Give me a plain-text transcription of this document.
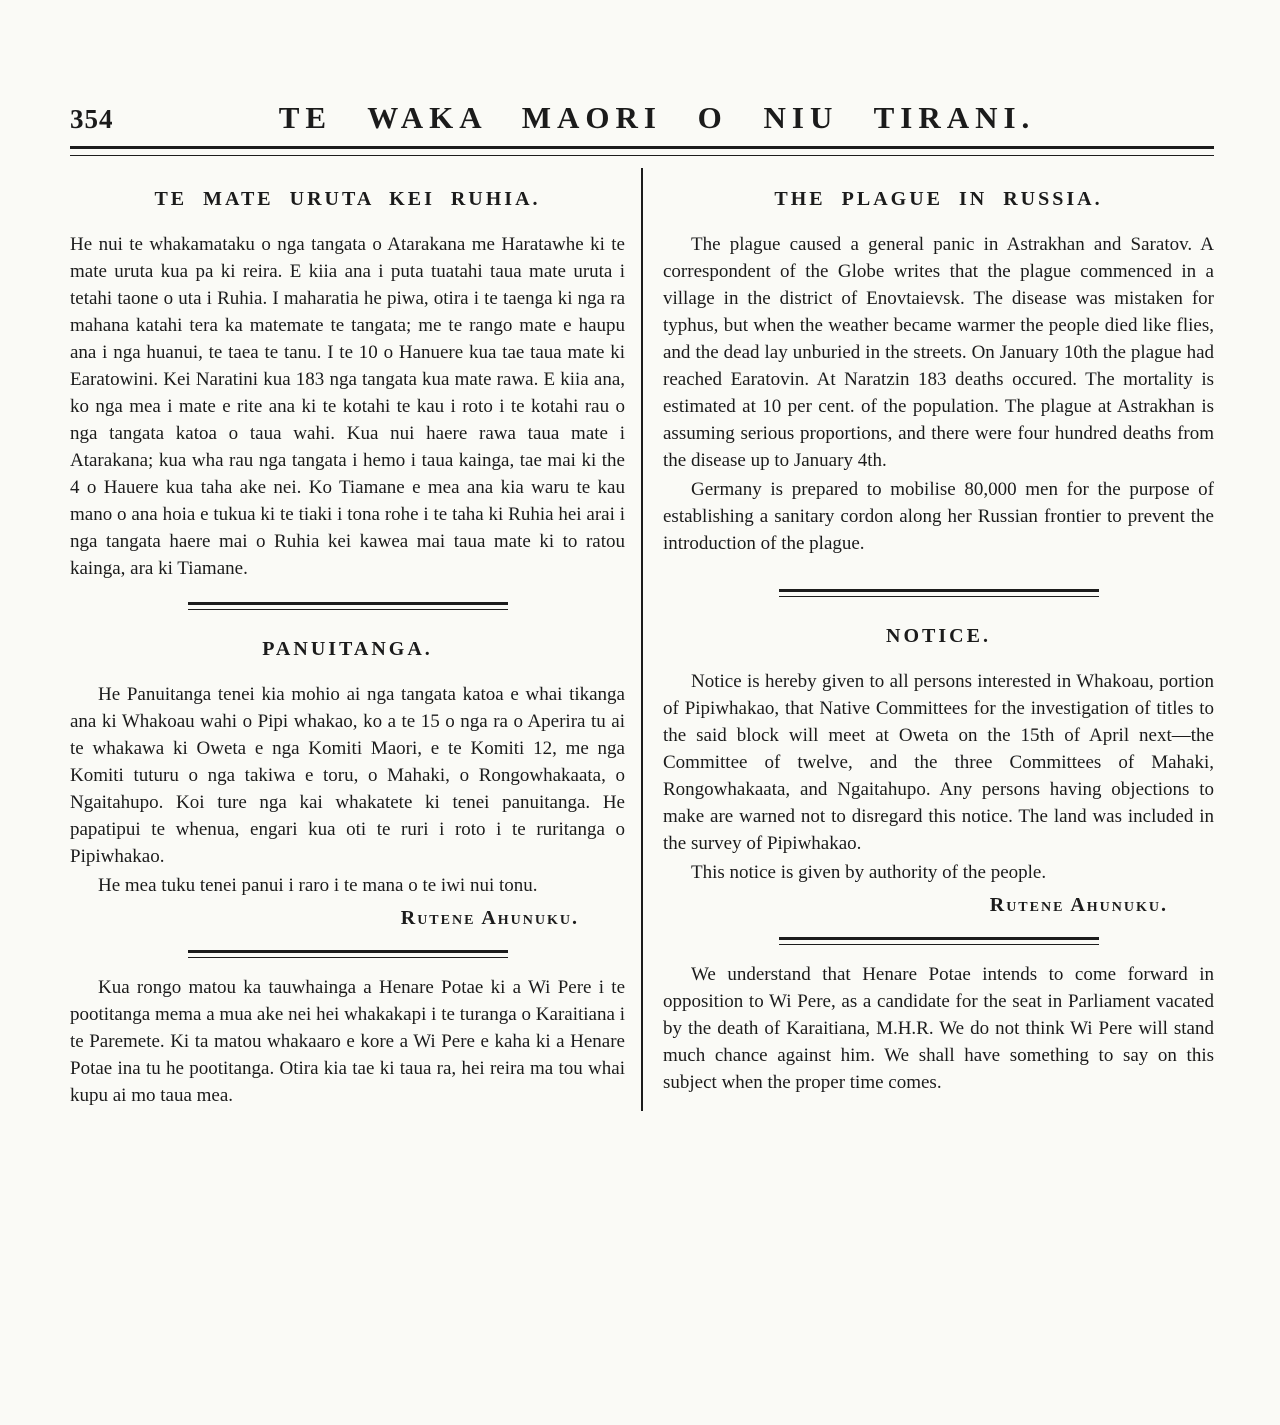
354	TE WAKA MAORI O NIU TIRANI.
TE MATE URUTA KEI RUHIA.

He nui te whakamataku o nga tangata o Atarakana me Haratawhe ki te mate uruta kua pa ki reira. E kiia ana i puta tuatahi taua mate uruta i tetahi taone o uta i Ruhia. I maharatia he piwa, otira i te taenga ki nga ra mahana katahi tera ka matemate te tangata; me te rango mate e haupu ana i nga huanui, te taea te tanu. I te 10 o Hanuere kua tae taua mate ki Earatowini. Kei Naratini kua 183 nga tangata kua mate rawa. E kiia ana, ko nga mea i mate e rite ana ki te kotahi te kau i roto i te kotahi rau o nga tangata katoa o taua wahi. Kua nui haere rawa taua mate i Atarakana; kua wha rau nga tangata i hemo i taua kainga, tae mai ki the 4 o Hauere kua taha ake nei. Ko Tiamane e mea ana kia waru te kau mano o ana hoia e tukua ki te tiaki i tona rohe i te taha ki Ruhia hei arai i nga tangata haere mai o Ruhia kei kawea mai taua mate ki to ratou kainga, ara ki Tiamane.

PANUITANGA.

He Panuitanga tenei kia mohio ai nga tangata katoa e whai tikanga ana ki Whakoau wahi o Pipi whakao, ko a te 15 o nga ra o Aperira tu ai te whakawa ki Oweta e nga Komiti Maori, e te Komiti 12, me nga Komiti tuturu o nga takiwa e toru, o Mahaki, o Rongowhakaata, o Ngaitahupo. Koi ture nga kai whakatete ki tenei panuitanga. He papatipui te whenua, engari kua oti te ruri i roto i te ruritanga o Pipiwhakao.

He mea tuku tenei panui i raro i te mana o te iwi nui tonu.

Rutene Ahunuku.

Kua rongo matou ka tauwhainga a Henare Potae ki a Wi Pere i te pootitanga mema a mua ake nei hei whakakapi i te turanga o Karaitiana i te Paremete. Ki ta matou whakaaro e kore a Wi Pere e kaha ki a Henare Potae ina tu he pootitanga. Otira kia tae ki taua ra, hei reira ma tou whai kupu ai mo taua mea.

THE PLAGUE IN RUSSIA.

The plague caused a general panic in Astrakhan and Saratov. A correspondent of the Globe writes that the plague commenced in a village in the district of Enovtaievsk. The disease was mistaken for typhus, but when the weather became warmer the people died like flies, and the dead lay unburied in the streets. On January 10th the plague had reached Earatovin. At Naratzin 183 deaths occured. The mortality is estimated at 10 per cent. of the population. The plague at Astrakhan is assuming serious proportions, and there were four hundred deaths from the disease up to January 4th.

Germany is prepared to mobilise 80,000 men for the purpose of establishing a sanitary cordon along her Russian frontier to prevent the introduction of the plague.

NOTICE.

Notice is hereby given to all persons interested in Whakoau, portion of Pipiwhakao, that Native Committees for the investigation of titles to the said block will meet at Oweta on the 15th of April next—the Committee of twelve, and the three Committees of Mahaki, Rongowhakaata, and Ngaitahupo. Any persons having objections to make are warned not to disregard this notice. The land was included in the survey of Pipiwhakao.

This notice is given by authority of the people.

Rutene Ahunuku.

We understand that Henare Potae intends to come forward in opposition to Wi Pere, as a candidate for the seat in Parliament vacated by the death of Karaitiana, M.H.R. We do not think Wi Pere will stand much chance against him. We shall have something to say on this subject when the proper time comes.
